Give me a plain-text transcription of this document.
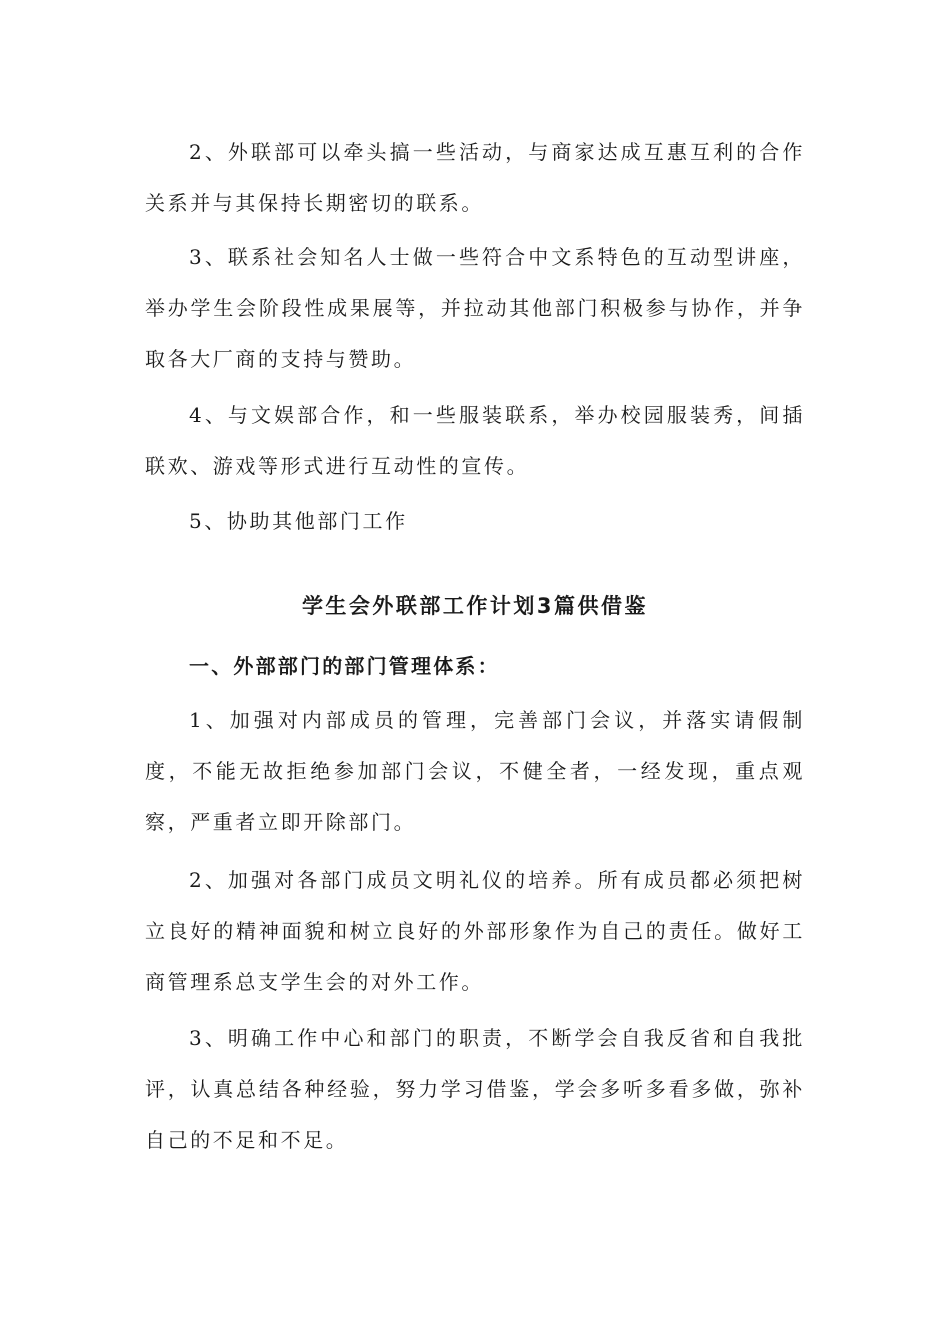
2、外联部可以牵头搞一些活动，与商家达成互惠互利的合作关系并与其保持长期密切的联系。

3、联系社会知名人士做一些符合中文系特色的互动型讲座，举办学生会阶段性成果展等，并拉动其他部门积极参与协作，并争取各大厂商的支持与赞助。

4、与文娱部合作，和一些服装联系，举办校园服装秀，间插联欢、游戏等形式进行互动性的宣传。

5、协助其他部门工作

学生会外联部工作计划3篇供借鉴
一、外部部门的部门管理体系：

1、加强对内部成员的管理，完善部门会议，并落实请假制度，不能无故拒绝参加部门会议，不健全者，一经发现，重点观察，严重者立即开除部门。

2、加强对各部门成员文明礼仪的培养。所有成员都必须把树立良好的精神面貌和树立良好的外部形象作为自己的责任。做好工商管理系总支学生会的对外工作。

3、明确工作中心和部门的职责，不断学会自我反省和自我批评，认真总结各种经验，努力学习借鉴，学会多听多看多做，弥补自己的不足和不足。
